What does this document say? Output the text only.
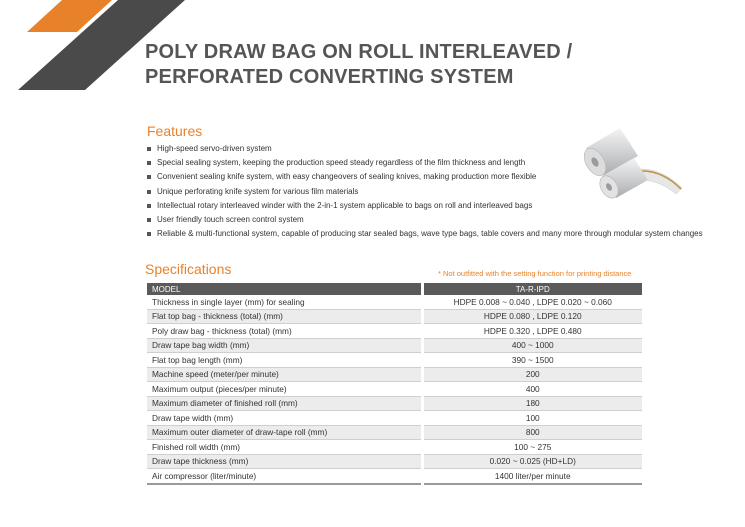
POLY DRAW BAG ON ROLL INTERLEAVED /
PERFORATED CONVERTING SYSTEM
Features
High-speed servo-driven system
Special sealing system, keeping the production speed steady regardless of the film thickness and length
Convenient sealing knife system, with easy changeovers of sealing knives, making production more flexible
Unique perforating knife system for various film materials
Intellectual rotary interleaved winder with the 2-in-1 system applicable to bags on roll and interleaved bags
User friendly touch screen control system
Reliable & multi-functional system, capable of producing star sealed bags, wave type bags, table covers and many more through modular system changes
Specifications	* Not outfitted with the setting function for printing distance
MODEL	TA-R-IPD
Thickness in single layer (mm) for sealing	HDPE 0.008 ~ 0.040 , LDPE 0.020 ~ 0.060
Flat top bag - thickness (total) (mm)	HDPE 0.080 , LDPE 0.120
Poly draw bag - thickness (total) (mm)	HDPE 0.320 , LDPE 0.480
Draw tape bag width (mm)	400 ~ 1000
Flat top bag length (mm)	390 ~ 1500
Machine speed (meter/per minute)	200
Maximum output (pieces/per minute)	400
Maximum diameter of finished roll (mm)	180
Draw tape width (mm)	100
Maximum outer diameter of draw-tape roll (mm)	800
Finished roll width (mm)	100 ~ 275
Draw tape thickness (mm)	0.020 ~ 0.025 (HD+LD)
Air compressor (liter/minute)	1400 liter/per minute
